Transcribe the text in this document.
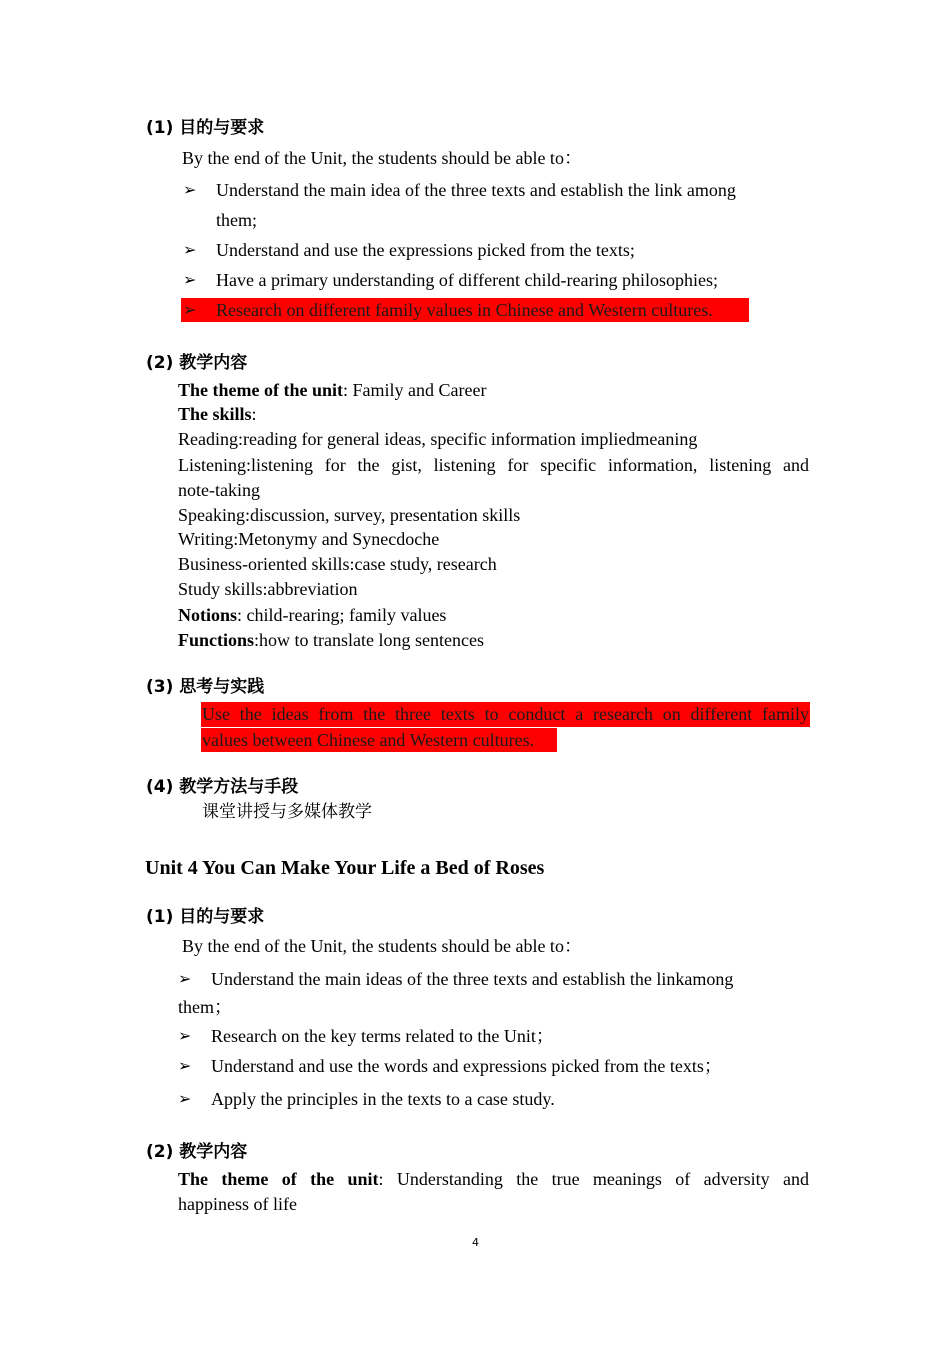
(1) 目的与要求
By the end of the Unit, the students should be able to：
➢ Understand the main idea of the three texts and establish the link among
them;
➢ Understand and use the expressions picked from the texts;
➢ Have a primary understanding of different child-rearing philosophies;
➢ Research on different family values in Chinese and Western cultures.
(2) 教学内容
The theme of the unit: Family and Career
The skills:
Reading:reading for general ideas, specific information impliedmeaning
Listening:listening for the gist, listening for specific information, listening and
note-taking
Speaking:discussion, survey, presentation skills
Writing:Metonymy and Synecdoche
Business-oriented skills:case study, research
Study skills:abbreviation
Notions: child-rearing; family values
Functions:how to translate long sentences
(3) 思考与实践
Use the ideas from the three texts to conduct a research on different family
values between Chinese and Western cultures.
(4) 教学方法与手段
课堂讲授与多媒体教学
Unit 4 You Can Make Your Life a Bed of Roses
(1) 目的与要求
By the end of the Unit, the students should be able to：
➢ Understand the main ideas of the three texts and establish the linkamong
them；
➢ Research on the key terms related to the Unit；
➢ Understand and use the words and expressions picked from the texts；
➢ Apply the principles in the texts to a case study.
(2) 教学内容
The theme of the unit: Understanding the true meanings of adversity and
happiness of life
4
